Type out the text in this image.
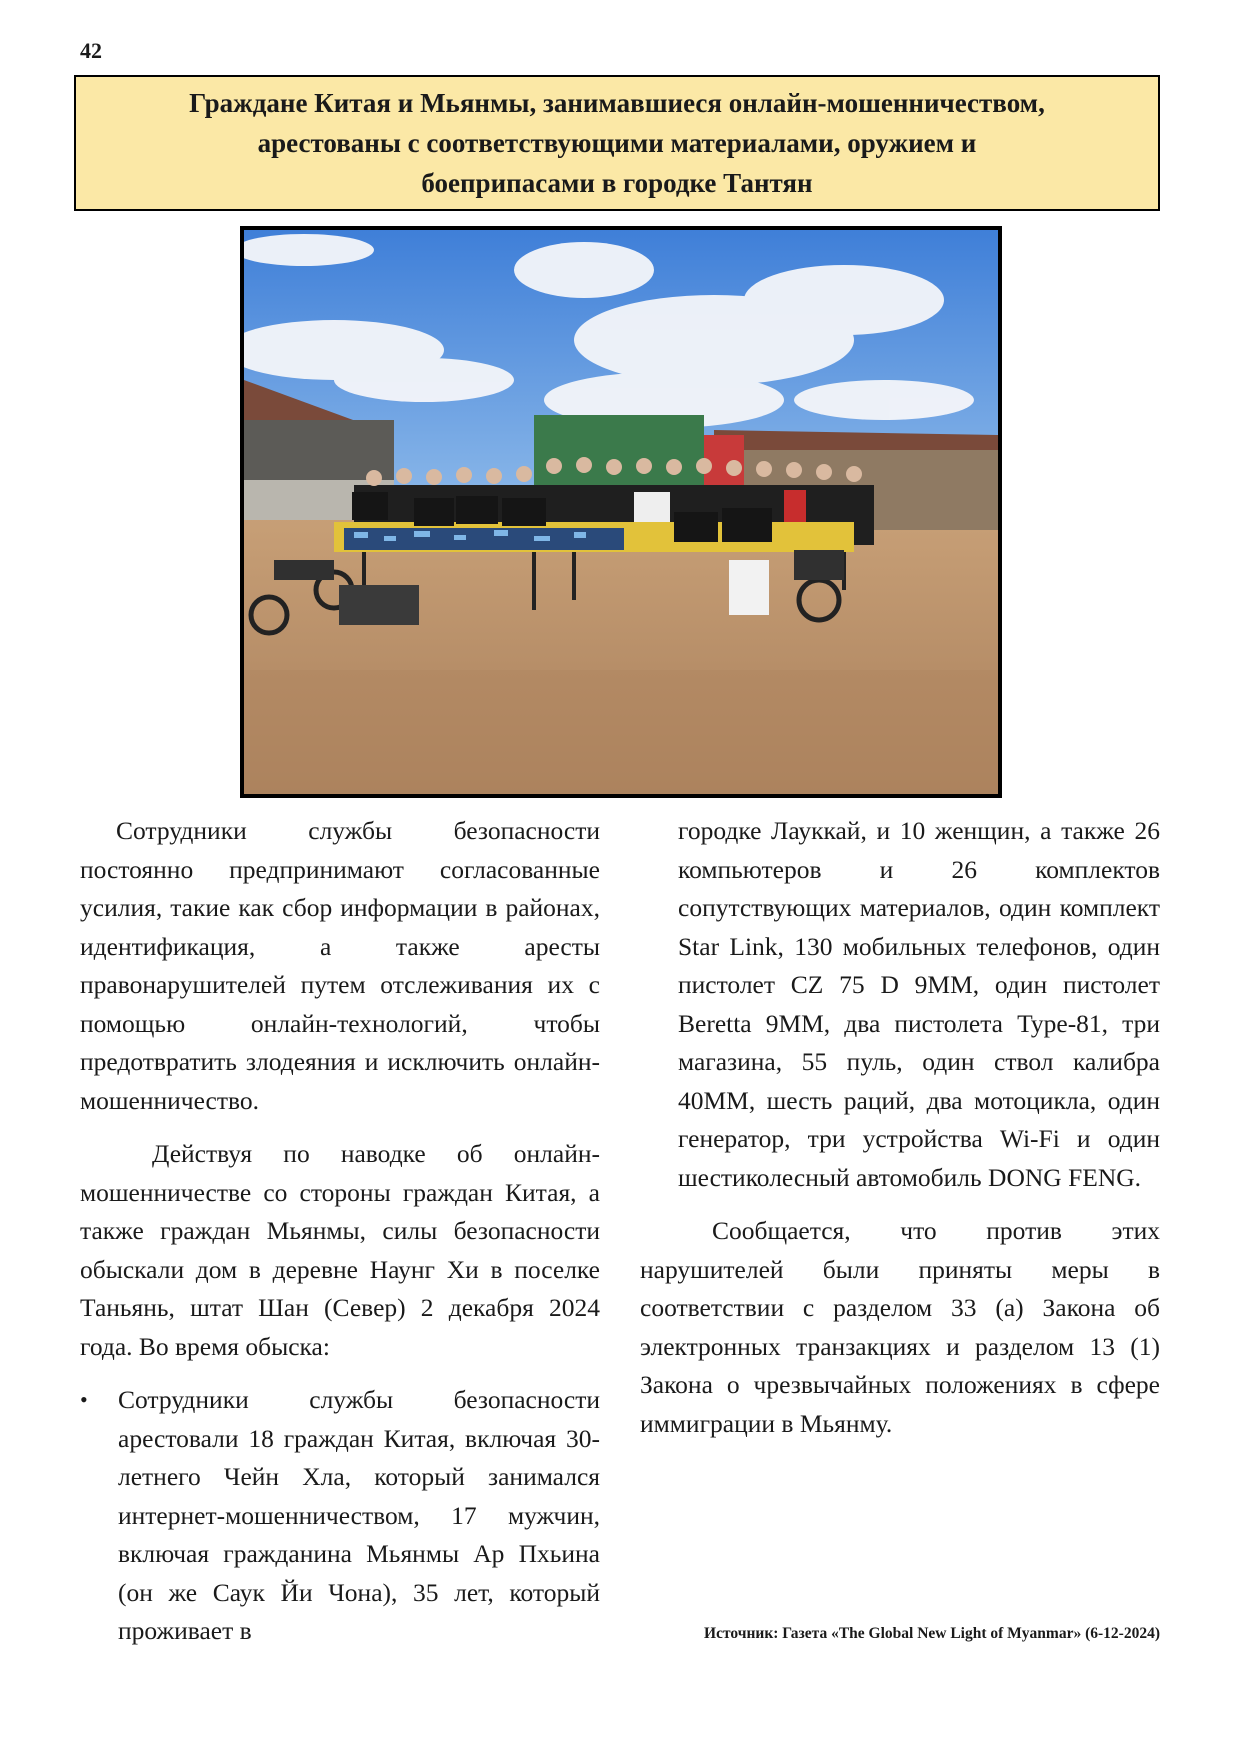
42
Граждане Китая и Мьянмы, занимавшиеся онлайн-мошенничеством,
арестованы с соответствующими материалами, оружием и
боеприпасами в городке Тантян

Сотрудники службы безопасности постоянно предпринимают согласованные усилия, такие как сбор информации в районах, идентификация, а также аресты правонарушителей путем отслеживания их с помощью онлайн-технологий, чтобы предотвратить злодеяния и исключить онлайн-мошенничество.

Действуя по наводке об онлайн-мошенничестве со стороны граждан Китая, а также граждан Мьянмы, силы безопасности обыскали дом в деревне Наунг Хи в поселке Таньянь, штат Шан (Север) 2 декабря 2024 года. Во время обыска:

•	Сотрудники службы безопасности арестовали 18 граждан Китая, включая 30-летнего Чейн Хла, который занимался интернет-мошенничеством, 17 мужчин, включая гражданина Мьянмы Ар Пхьина (он же Саук Йи Чона), 35 лет, который проживает в

городке Лауккай, и 10 женщин, а также 26 компьютеров и 26 комплектов сопутствующих материалов, один комплект Star Link, 130 мобильных телефонов, один пистолет CZ 75 D 9MM, один пистолет Beretta 9MM, два пистолета Type-81, три магазина, 55 пуль, один ствол калибра 40MM, шесть раций, два мотоцикла, один генератор, три устройства Wi-Fi и один шестиколесный автомобиль DONG FENG.

Сообщается, что против этих нарушителей были приняты меры в соответствии с разделом 33 (а) Закона об электронных транзакциях и разделом 13 (1) Закона о чрезвычайных положениях в сфере иммиграции в Мьянму.

Источник: Газета «The Global New Light of Myanmar» (6-12-2024)
